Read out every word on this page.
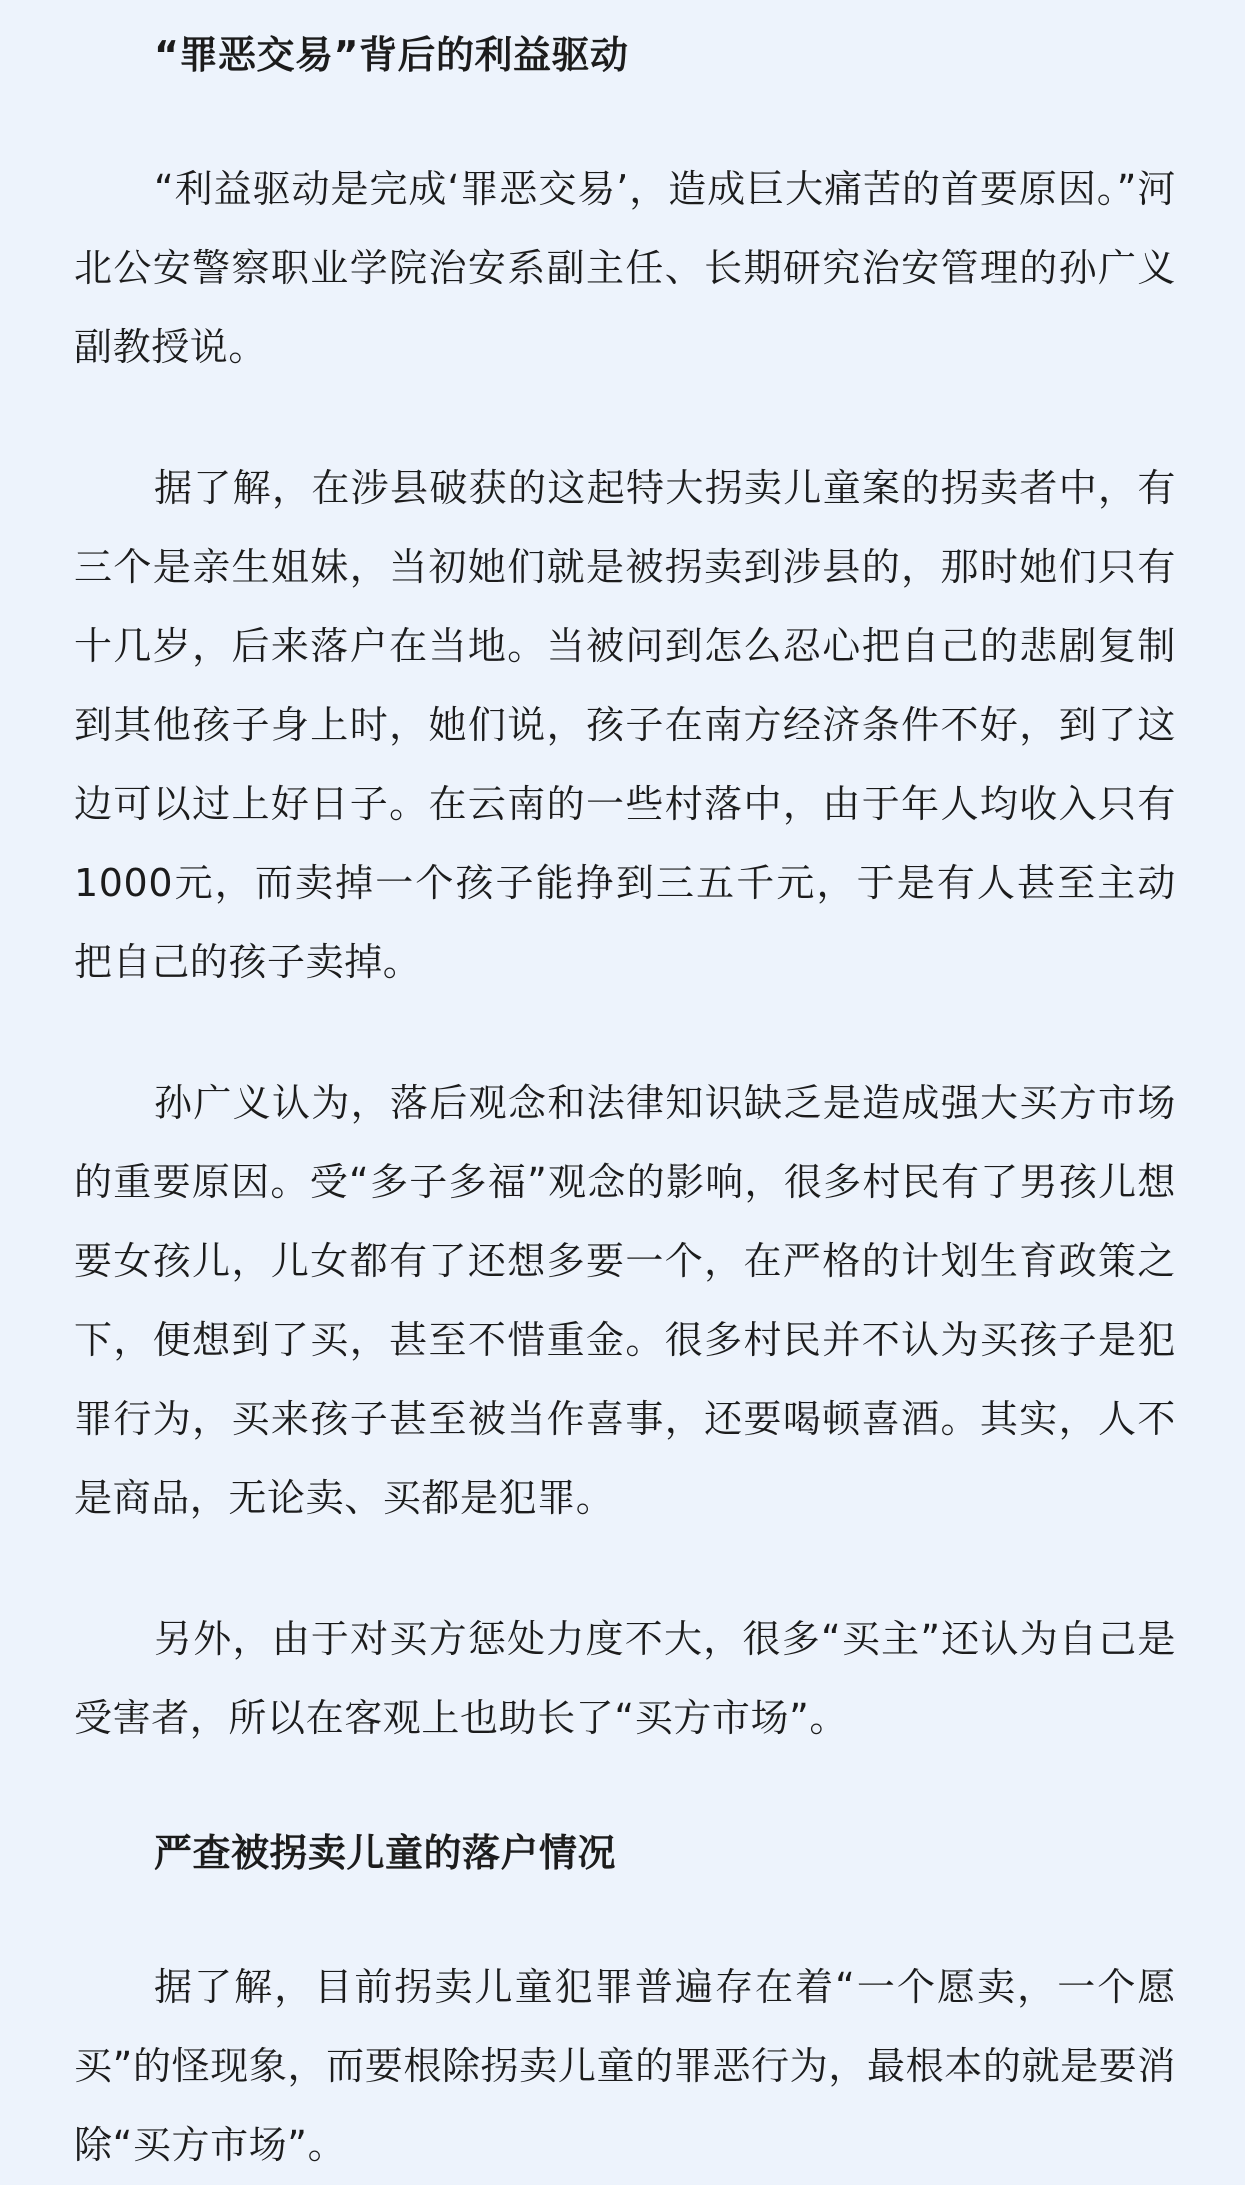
“罪恶交易”背后的利益驱动

“利益驱动是完成‘罪恶交易’，造成巨大痛苦的首要原因。”河北公安警察职业学院治安系副主任、长期研究治安管理的孙广义副教授说。

据了解，在涉县破获的这起特大拐卖儿童案的拐卖者中，有三个是亲生姐妹，当初她们就是被拐卖到涉县的，那时她们只有十几岁，后来落户在当地。当被问到怎么忍心把自己的悲剧复制到其他孩子身上时，她们说，孩子在南方经济条件不好，到了这边可以过上好日子。在云南的一些村落中，由于年人均收入只有1000元，而卖掉一个孩子能挣到三五千元，于是有人甚至主动把自己的孩子卖掉。

孙广义认为，落后观念和法律知识缺乏是造成强大买方市场的重要原因。受“多子多福”观念的影响，很多村民有了男孩儿想要女孩儿，儿女都有了还想多要一个，在严格的计划生育政策之下，便想到了买，甚至不惜重金。很多村民并不认为买孩子是犯罪行为，买来孩子甚至被当作喜事，还要喝顿喜酒。其实，人不是商品，无论卖、买都是犯罪。

另外，由于对买方惩处力度不大，很多“买主”还认为自己是受害者，所以在客观上也助长了“买方市场”。

严查被拐卖儿童的落户情况

据了解，目前拐卖儿童犯罪普遍存在着“一个愿卖，一个愿买”的怪现象，而要根除拐卖儿童的罪恶行为，最根本的就是要消除“买方市场”。
